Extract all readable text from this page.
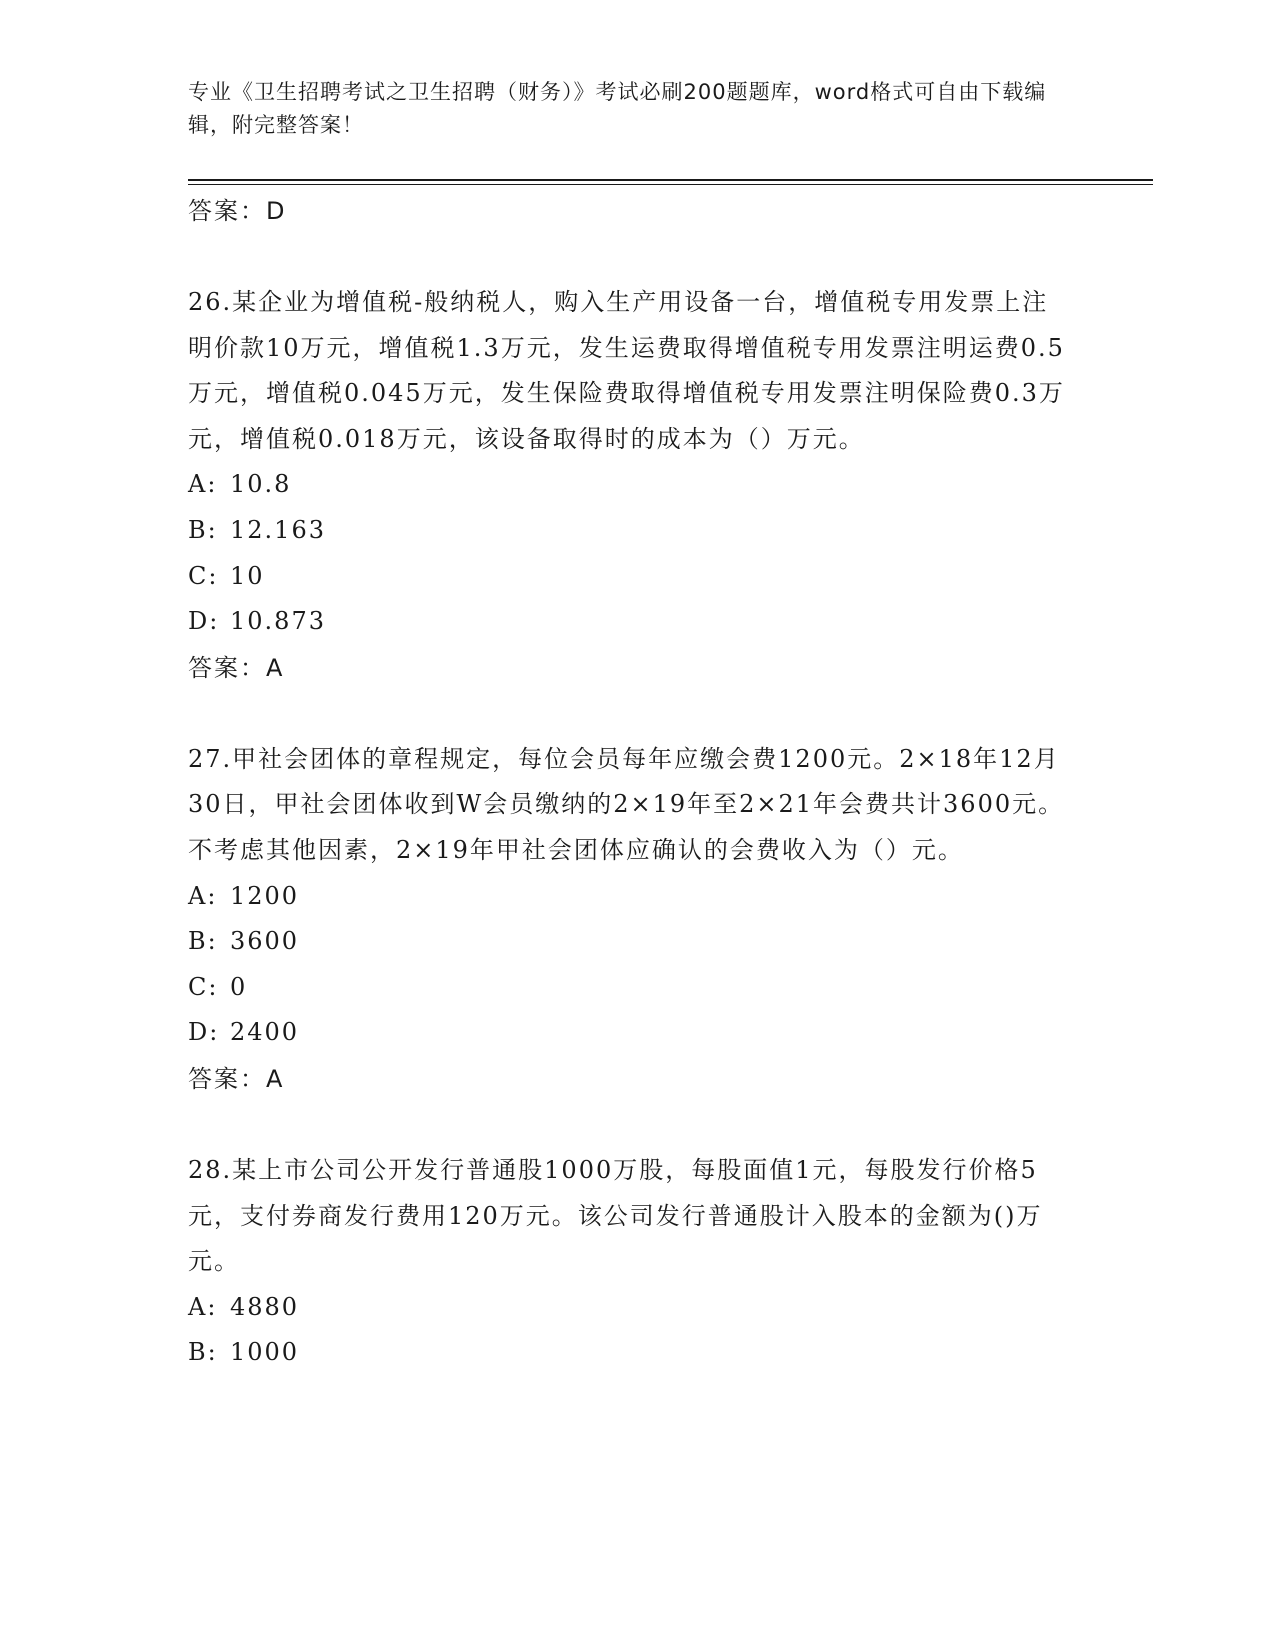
专业《卫生招聘考试之卫生招聘（财务）》考试必刷200题题库，word格式可自由下载编辑，附完整答案！
答案：D
26.某企业为增值税-般纳税人，购入生产用设备一台，增值税专用发票上注明价款10万元，增值税1.3万元，发生运费取得增值税专用发票注明运费0.5万元，增值税0.045万元，发生保险费取得增值税专用发票注明保险费0.3万元，增值税0.018万元，该设备取得时的成本为（）万元。
A: 10.8
B: 12.163
C: 10
D: 10.873
答案：A
27.甲社会团体的章程规定，每位会员每年应缴会费1200元。2×18年12月30日，甲社会团体收到W会员缴纳的2×19年至2×21年会费共计3600元。不考虑其他因素，2×19年甲社会团体应确认的会费收入为（）元。
A: 1200
B: 3600
C: 0
D: 2400
答案：A
28.某上市公司公开发行普通股1000万股，每股面值1元，每股发行价格5元，支付券商发行费用120万元。该公司发行普通股计入股本的金额为()万元。
A: 4880
B: 1000
